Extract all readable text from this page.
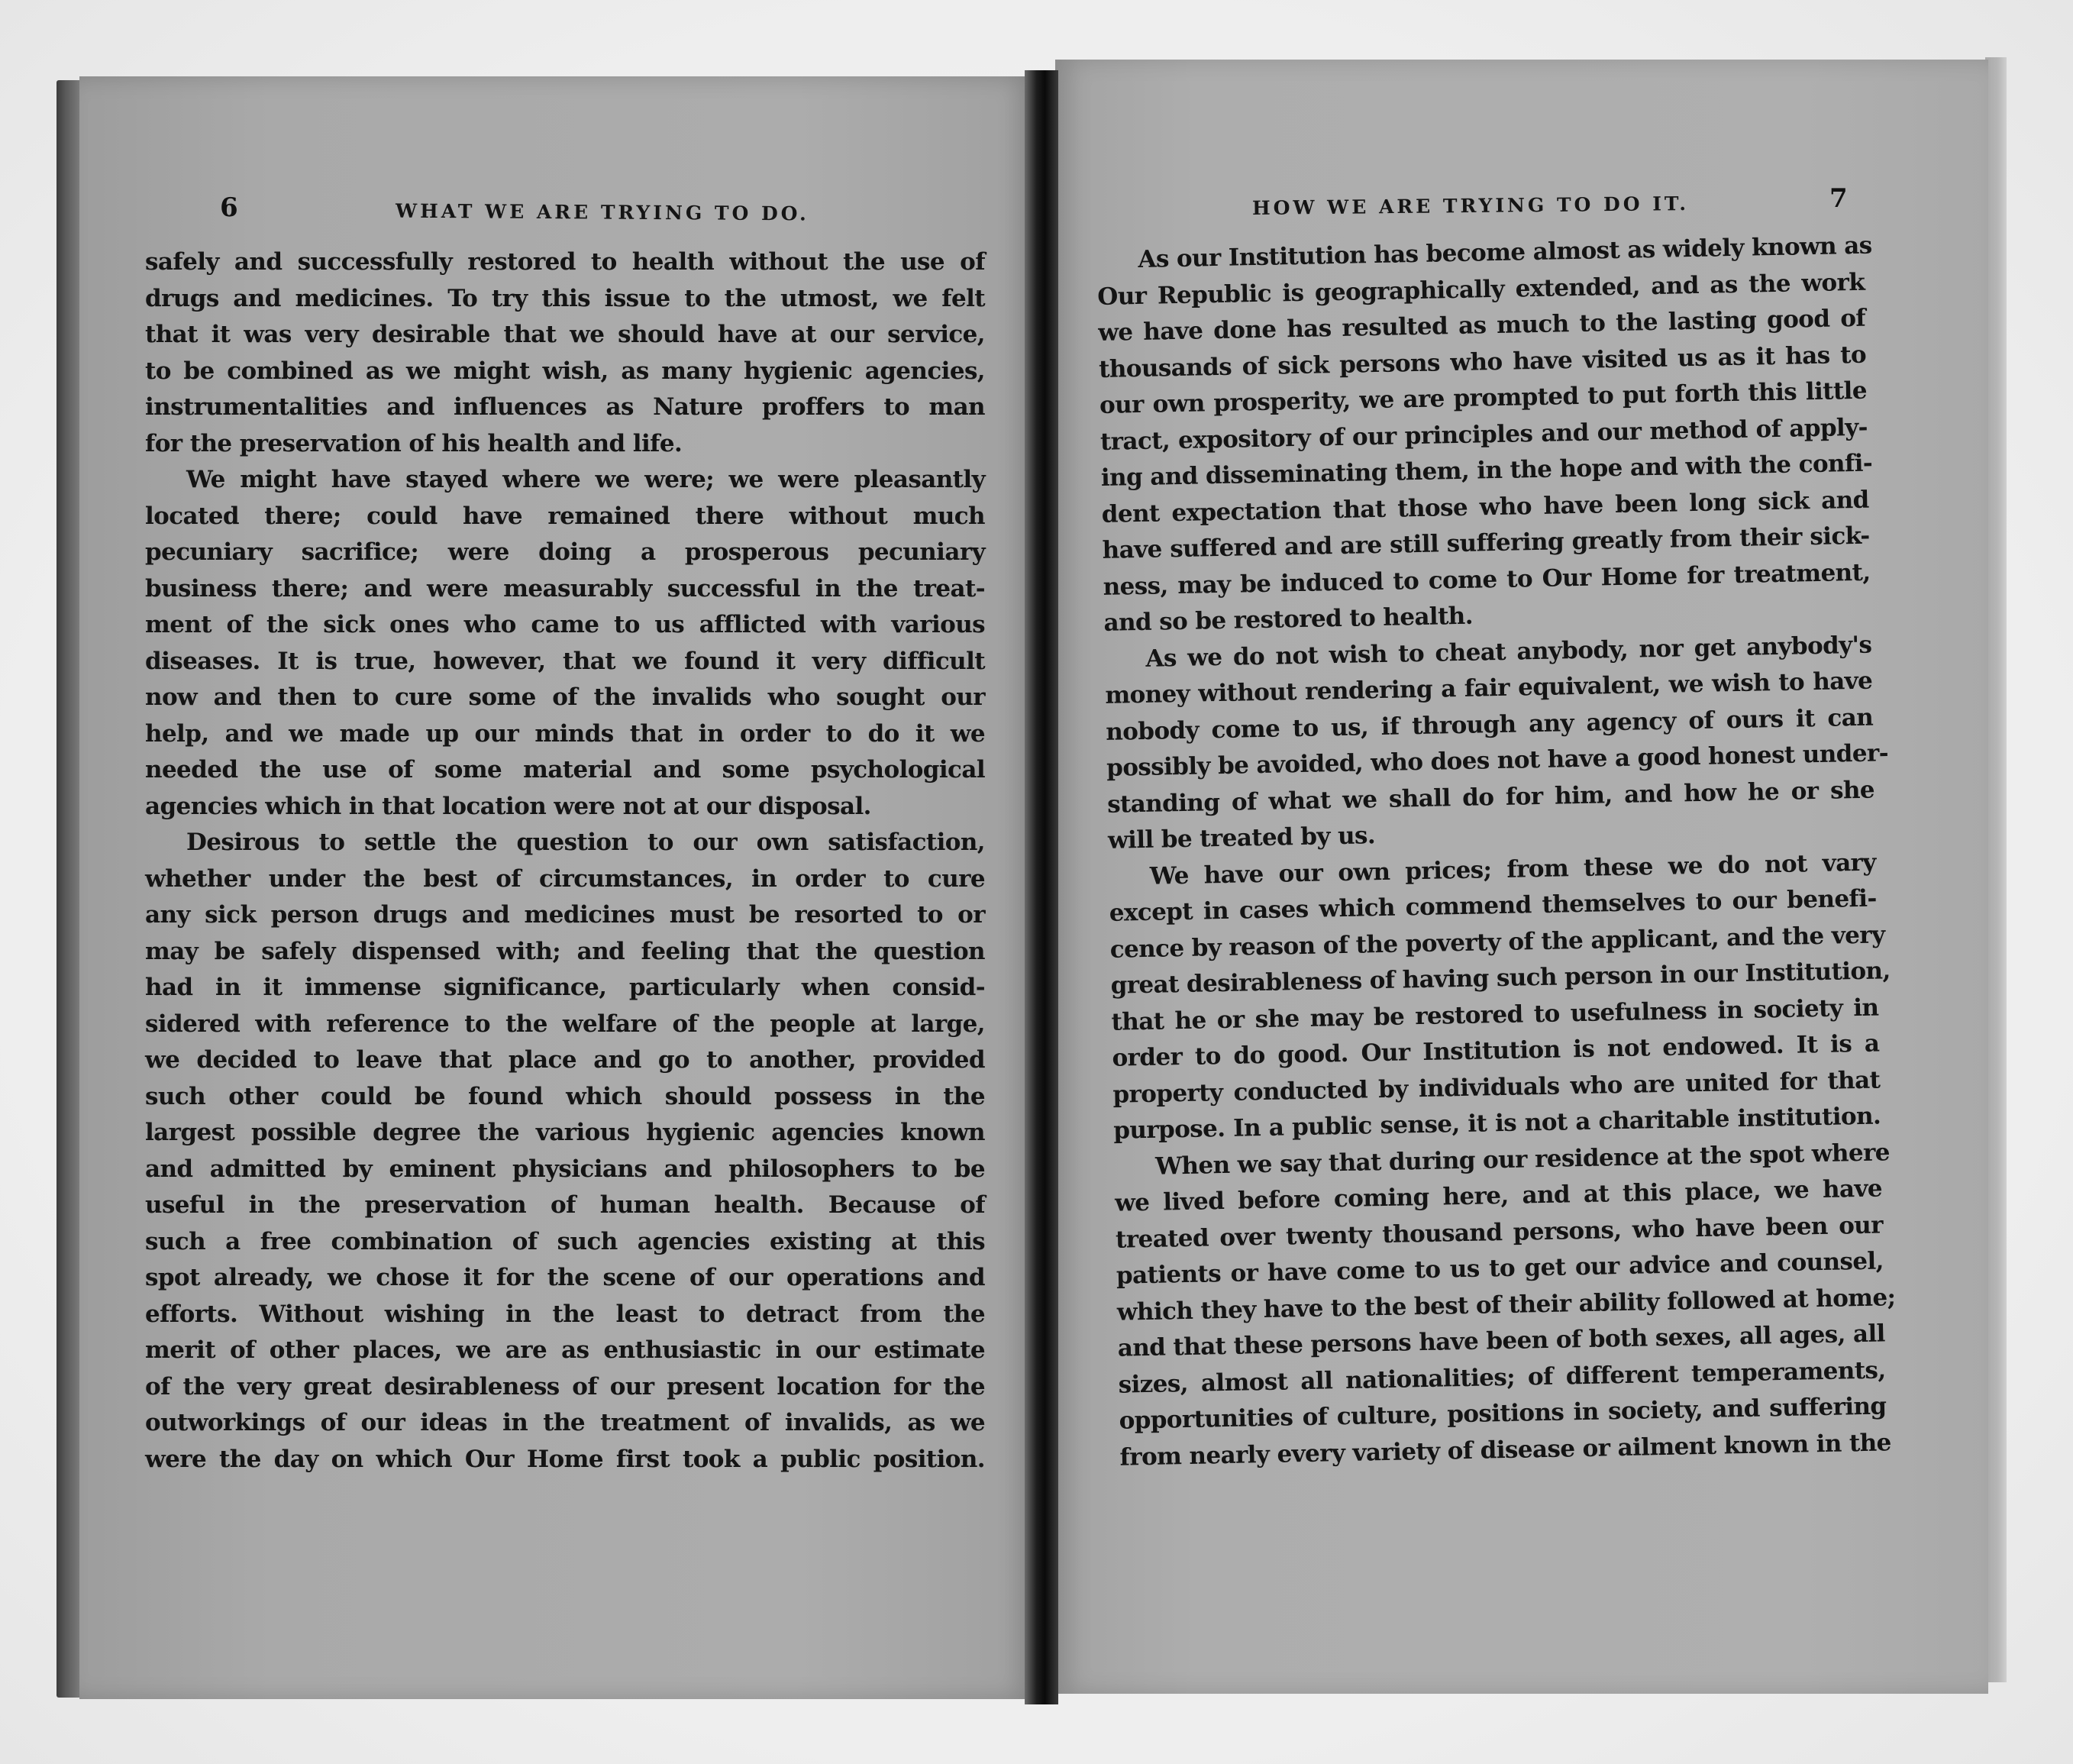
6	WHAT WE ARE TRYING TO DO.	HOW WE ARE TRYING TO DO IT.	7
safely and successfully restored to health without the use of
drugs and medicines. To try this issue to the utmost, we felt
that it was very desirable that we should have at our service,
to be combined as we might wish, as many hygienic agencies,
instrumentalities and influences as Nature proffers to man
for the preservation of his health and life.
We might have stayed where we were; we were pleasantly
located there; could have remained there without much
pecuniary sacrifice; were doing a prosperous pecuniary
business there; and were measurably successful in the treat-
ment of the sick ones who came to us afflicted with various
diseases. It is true, however, that we found it very difficult
now and then to cure some of the invalids who sought our
help, and we made up our minds that in order to do it we
needed the use of some material and some psychological
agencies which in that location were not at our disposal.
Desirous to settle the question to our own satisfaction,
whether under the best of circumstances, in order to cure
any sick person drugs and medicines must be resorted to or
may be safely dispensed with; and feeling that the question
had in it immense significance, particularly when consid-
sidered with reference to the welfare of the people at large,
we decided to leave that place and go to another, provided
such other could be found which should possess in the
largest possible degree the various hygienic agencies known
and admitted by eminent physicians and philosophers to be
useful in the preservation of human health. Because of
such a free combination of such agencies existing at this
spot already, we chose it for the scene of our operations and
efforts. Without wishing in the least to detract from the
merit of other places, we are as enthusiastic in our estimate
of the very great desirableness of our present location for the
outworkings of our ideas in the treatment of invalids, as we
were the day on which Our Home first took a public position.
As our Institution has become almost as widely known as
Our Republic is geographically extended, and as the work
we have done has resulted as much to the lasting good of
thousands of sick persons who have visited us as it has to
our own prosperity, we are prompted to put forth this little
tract, expository of our principles and our method of apply-
ing and disseminating them, in the hope and with the confi-
dent expectation that those who have been long sick and
have suffered and are still suffering greatly from their sick-
ness, may be induced to come to Our Home for treatment,
and so be restored to health.
As we do not wish to cheat anybody, nor get anybody's
money without rendering a fair equivalent, we wish to have
nobody come to us, if through any agency of ours it can
possibly be avoided, who does not have a good honest under-
standing of what we shall do for him, and how he or she
will be treated by us.
We have our own prices; from these we do not vary
except in cases which commend themselves to our benefi-
cence by reason of the poverty of the applicant, and the very
great desirableness of having such person in our Institution,
that he or she may be restored to usefulness in society in
order to do good. Our Institution is not endowed. It is a
property conducted by individuals who are united for that
purpose. In a public sense, it is not a charitable institution.
When we say that during our residence at the spot where
we lived before coming here, and at this place, we have
treated over twenty thousand persons, who have been our
patients or have come to us to get our advice and counsel,
which they have to the best of their ability followed at home;
and that these persons have been of both sexes, all ages, all
sizes, almost all nationalities; of different temperaments,
opportunities of culture, positions in society, and suffering
from nearly every variety of disease or ailment known in the
